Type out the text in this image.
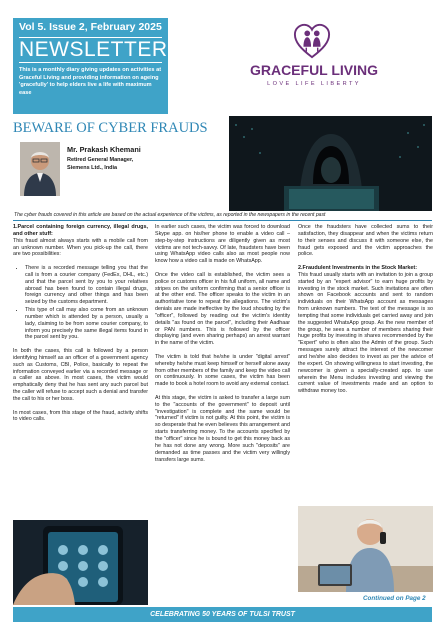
Vol 5. Issue 2, February 2025
NEWSLETTER
This is a monthly diary giving updates on activities at Graceful Living and providing information on ageing 'gracefully' to help elders live a life with maximum ease
GRACEFUL LIVING
LOVE LIFE LIBERTY
BEWARE OF CYBER FRAUDS
Mr. Prakash Khemani
Retired General Manager, Siemens Ltd., India
The cyber frauds covered in this article are based on the actual experience of the victims, as reported in the newspapers in the recent past
1.Parcel containing foreign currency, illegal drugs, and other stuff:

This fraud almost always starts with a mobile call from an unknown number. When you pick-up the call, there are two possibilities:

• There is a recorded message telling you that the call is from a courier company (FedEx, DHL, etc.) and that the parcel sent by you to your relatives abroad has been found to contain illegal drugs, foreign currency and other things and has been seized by the customs department.
• This type of call may also come from an unknown number which is attended by a person, usually a lady, claiming to be from some courier company, to inform you precisely the same illegal items found in the parcel sent by you.

In both the cases, this call is followed by a person identifying himself as an officer of a government agency such as Customs, CBI, Police, basically to repeat the information conveyed earlier via a recorded message or a caller as above. In most cases, the victim would emphatically deny that he has sent any such parcel but the caller will refuse to accept such a denial and transfer the call to his or her boss.

In most cases, from this stage of the fraud, activity shifts to video calls.

In earlier such cases, the victim was forced to download Skype app. on his/her phone to enable a video call – step-by-step instructions are diligently given as most victims are not tech-savvy. Of late, fraudsters have been using WhatsApp video calls also as most people now know how a video call is made on WhatsApp.

Once the video call is established, the victim sees a police or customs officer in his full uniform, all name and stripes on the uniform confirming that a senior officer is at the other end. The officer speaks to the victim in an authoritative tone to repeat the allegations. The victim's denials are made ineffective by the loud shouting by the "officer", followed by reading out the victim's identity details "as found on the parcel", including their Aadhaar or PAN numbers. This is followed by the officer displaying (and even sharing perhaps) an arrest warrant in the name of the victim.

The victim is told that he/she is under "digital arrest" whereby he/she must keep himself or herself alone away from other members of the family and keep the video call on continuously. In some cases, the victim has been made to book a hotel room to avoid any external contact.

At this stage, the victim is asked to transfer a large sum to the "accounts of the government" to deposit until "investigation" is complete and the same would be "returned" if victim is not guilty. At this point, the victim is so desperate that he even believes this arrangement and starts transferring money. To the accounts specified by the "officer" since he is bound to get this money back as he has not done any wrong. More such "deposits" are demanded as time passes and the victim very willingly transfers large sums.

Once the fraudsters have collected sums to their satisfaction, they disappear and when the victims return to their senses and discuss it with someone else, the fraud gets exposed and the victim approaches the police.

2.Fraudulent Investments in the Stock Market:

This fraud usually starts with an invitation to join a group started by an "expert advisor" to earn huge profits by investing in the stock market. Such invitations are often shown on Facebook accounts and sent to random individuals on their WhatsApp account as messages from unknown numbers. The text of the message is so tempting that some individuals get carried away and join the suggested WhatsApp group. As the new member of the group, he sees a number of members sharing their huge profits by investing in shares recommended by the "Expert" who is often also the Admin of the group. Such messages surely attract the interest of the newcomer and he/she also decides to invest as per the advice of the expert. On showing willingness to start investing, the newcomer is given a specially-created app. to use wherein the Menu includes investing and viewing the current value of investments made and an option to withdraw money too.

Continued on Page 2
CELEBRATING 50 YEARS OF TULSI TRUST
